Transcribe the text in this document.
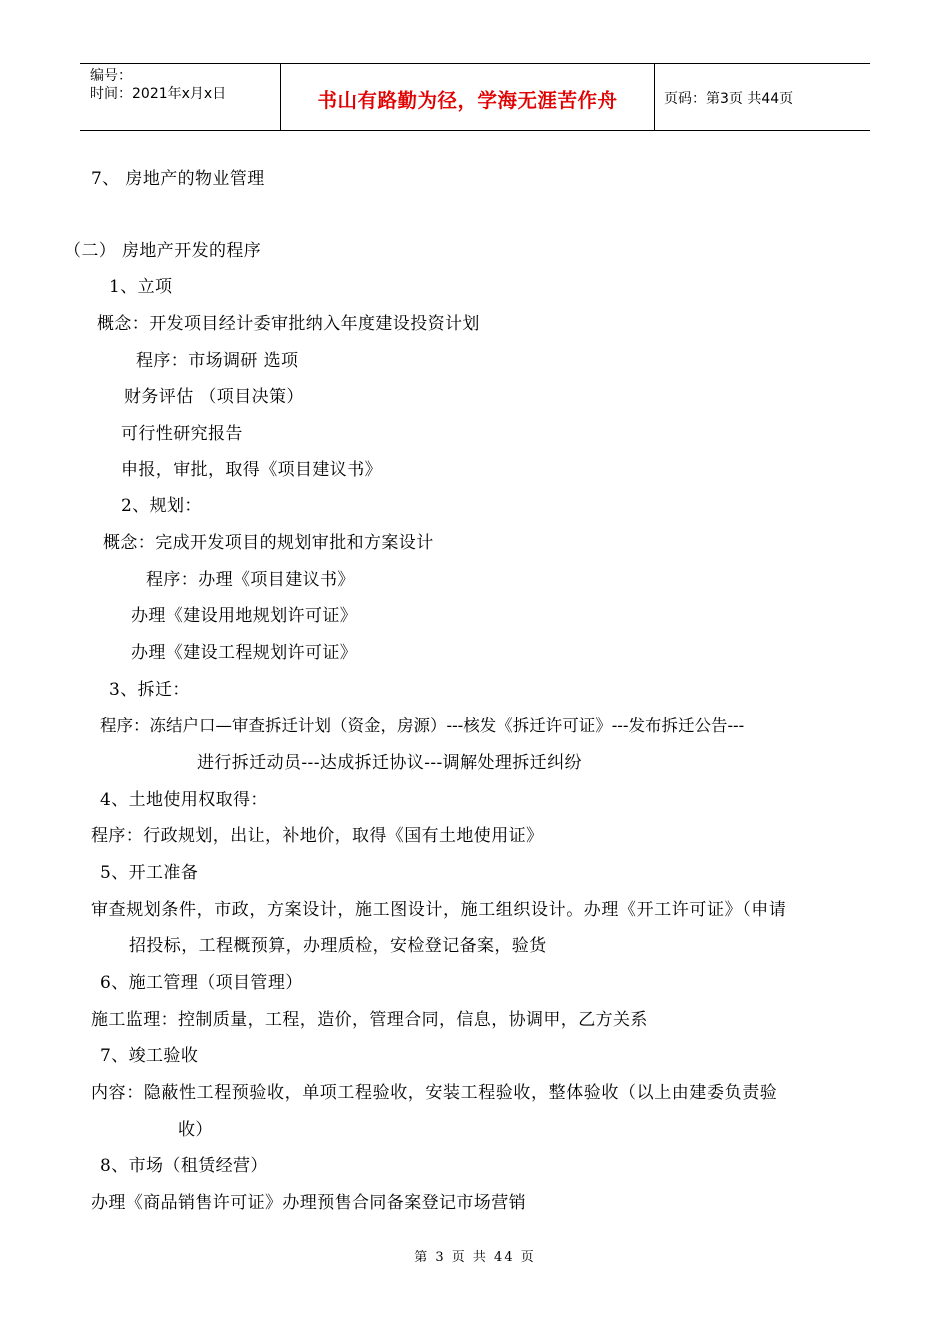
编号：
时间：2021年x月x日	书山有路勤为径，学海无涯苦作舟	页码：第3页 共44页
7、 房地产的物业管理
（二） 房地产开发的程序
1、立项
概念：开发项目经计委审批纳入年度建设投资计划
程序：市场调研 选项
财务评估 （项目决策）
可行性研究报告
申报，审批，取得《项目建议书》
2、规划：
概念：完成开发项目的规划审批和方案设计
程序：办理《项目建议书》
办理《建设用地规划许可证》
办理《建设工程规划许可证》
3、拆迁：
程序：冻结户口—审查拆迁计划（资金，房源）---核发《拆迁许可证》---发布拆迁公告---
进行拆迁动员---达成拆迁协议---调解处理拆迁纠纷
4、土地使用权取得：
程序：行政规划，出让，补地价，取得《国有土地使用证》
5、开工准备
审查规划条件，市政，方案设计，施工图设计，施工组织设计。办理《开工许可证》（申请
招投标，工程概预算，办理质检，安检登记备案，验货
6、施工管理（项目管理）
施工监理：控制质量，工程，造价，管理合同，信息，协调甲，乙方关系
7、竣工验收
内容：隐蔽性工程预验收，单项工程验收，安装工程验收，整体验收（以上由建委负责验
收）
8、市场（租赁经营）
办理《商品销售许可证》办理预售合同备案登记市场营销
第 3 页 共 44 页
